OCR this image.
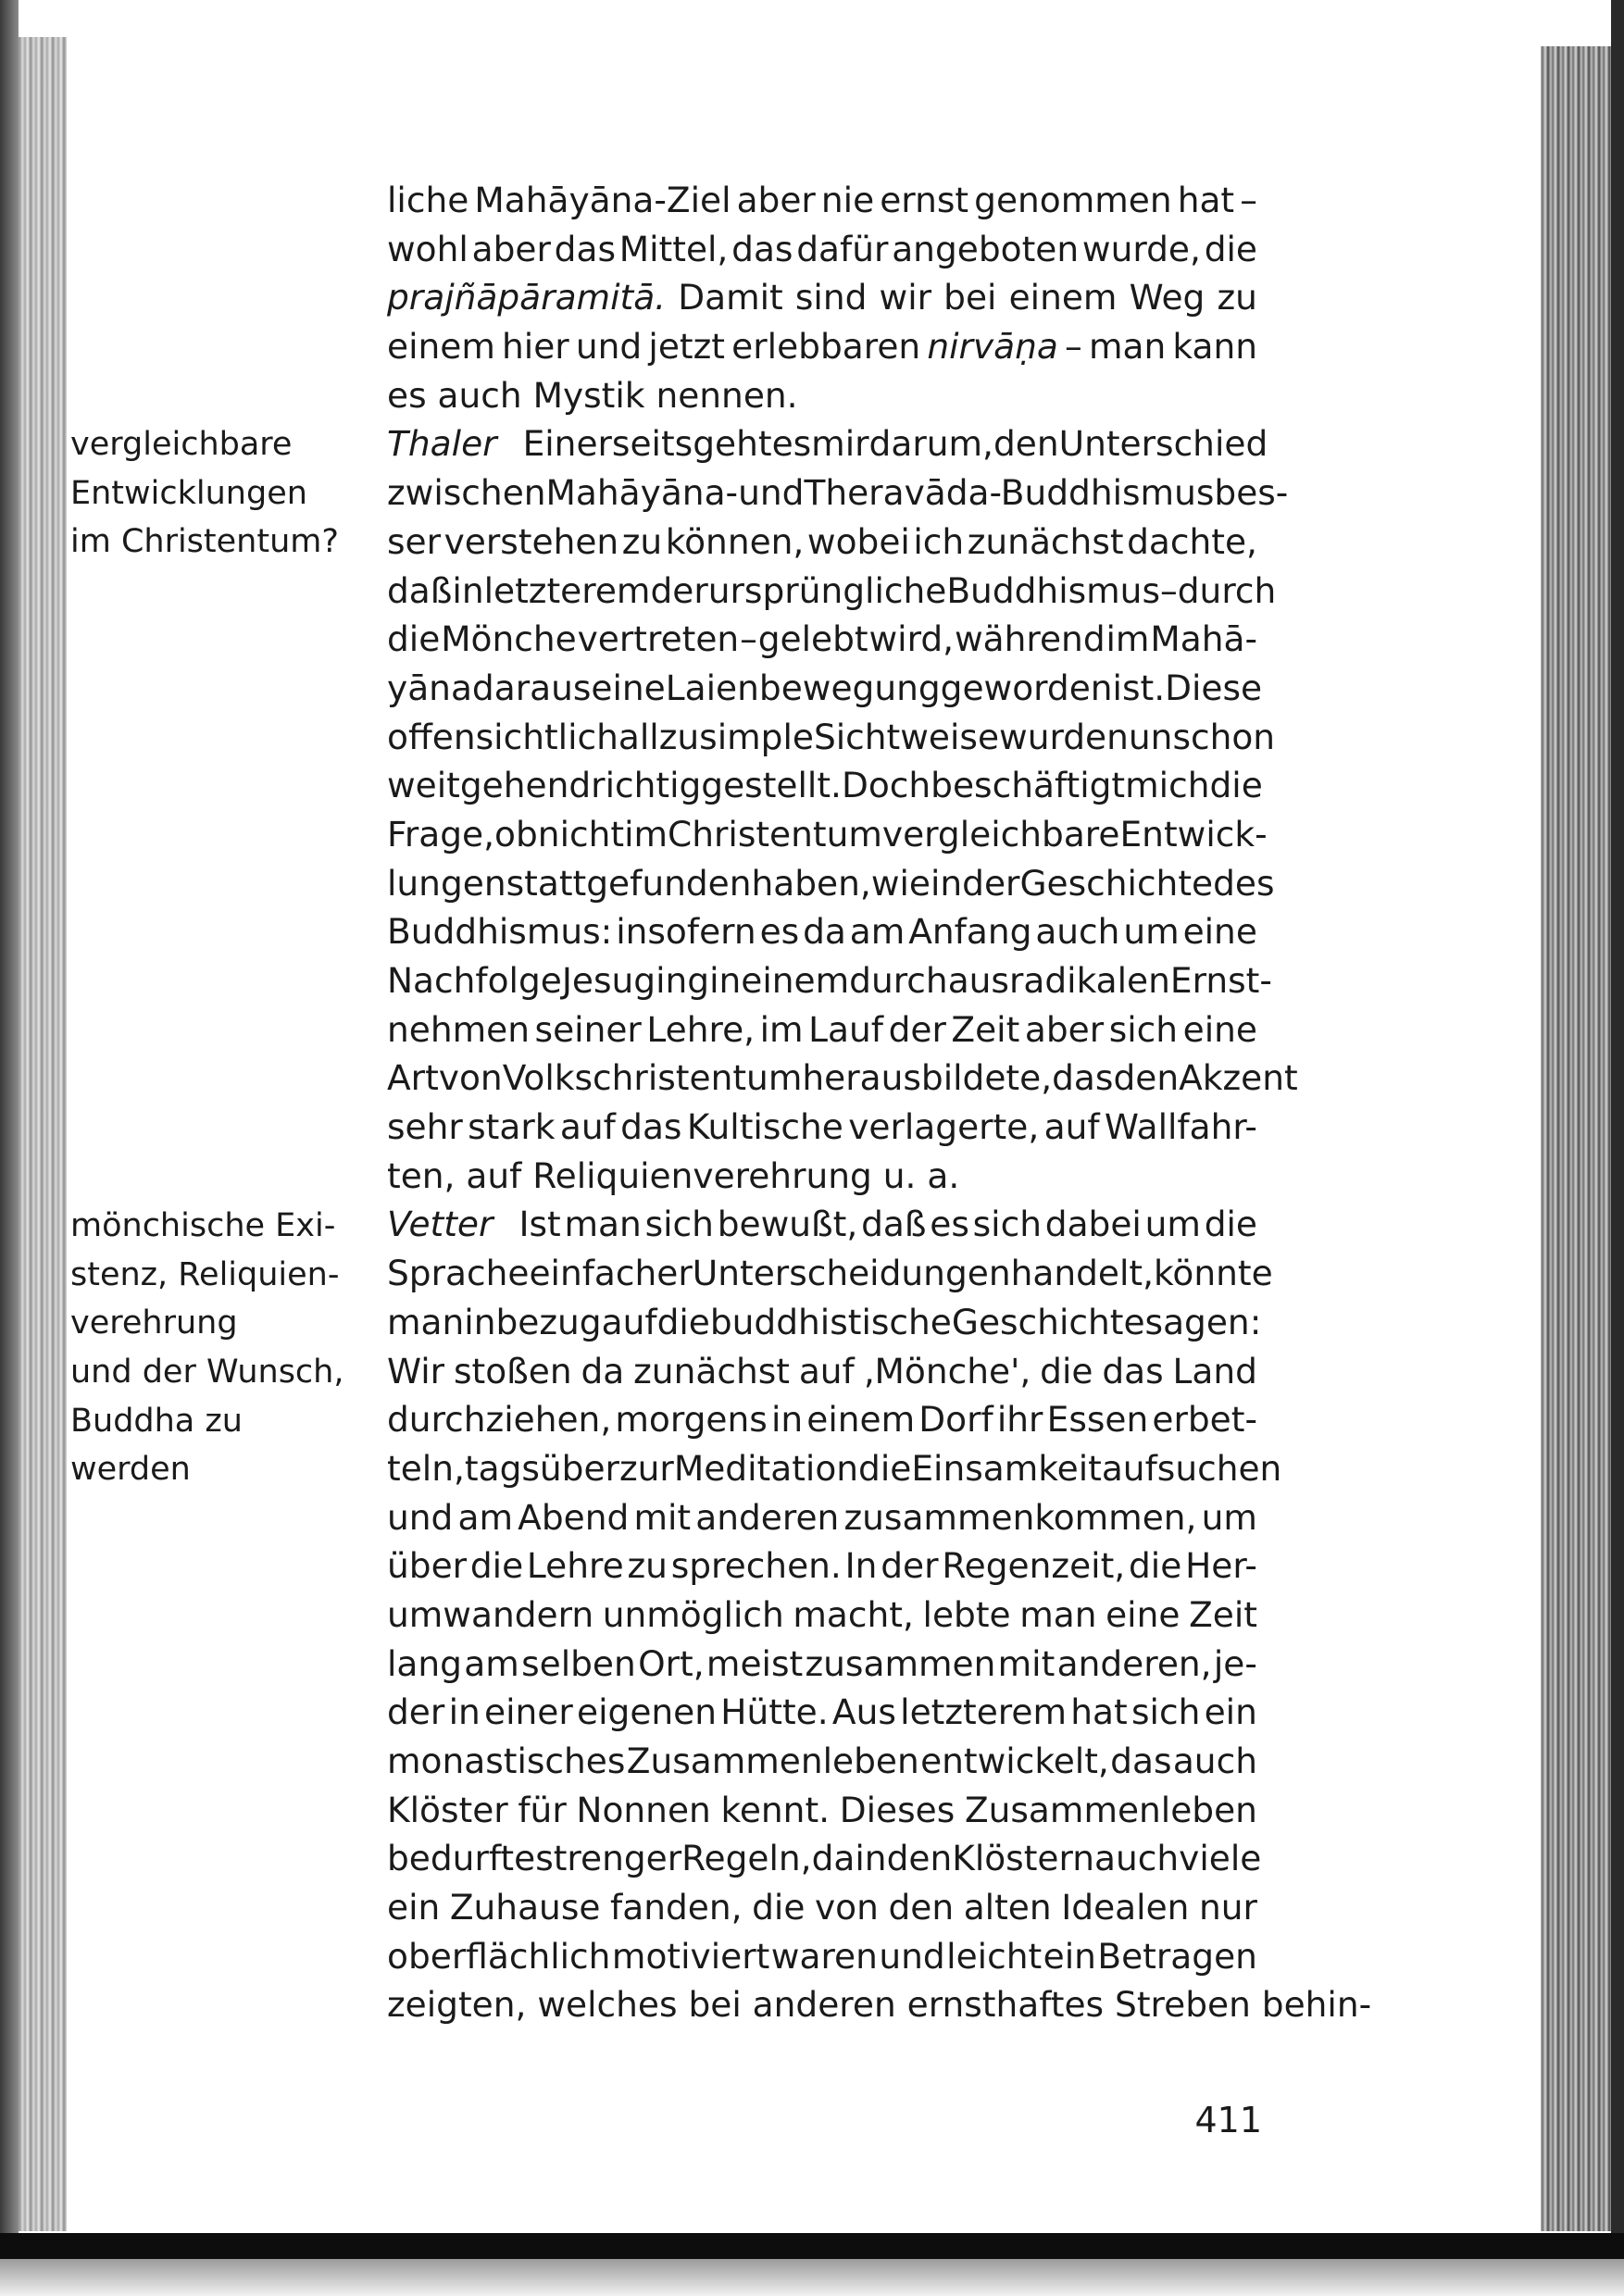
vergleichbare
Entwicklungen
im Christentum?
mönchische Exi-
stenz, Reliquien-
verehrung
und der Wunsch,
Buddha zu
werden
liche Mahāyāna-Ziel aber nie ernst genommen hat –
wohl aber das Mittel, das dafür angeboten wurde, die
prajñāpāramitā. Damit sind wir bei einem Weg zu
einem hier und jetzt erlebbaren nirvāṇa – man kann
es auch Mystik nennen.
Thaler Einerseits geht es mir darum, den Unterschied
zwischen Mahāyāna- und Theravāda-Buddhismus bes-
ser verstehen zu können, wobei ich zunächst dachte,
daß in letzterem der ursprüngliche Buddhismus – durch
die Mönche vertreten – gelebt wird, während im Mahā-
yāna daraus eine Laienbewegung geworden ist. Diese
offensichtlich allzu simple Sichtweise wurde nun schon
weitgehend richtiggestellt. Doch beschäftigt mich die
Frage, ob nicht im Christentum vergleichbare Entwick-
lungen stattgefunden haben, wie in der Geschichte des
Buddhismus: insofern es da am Anfang auch um eine
Nachfolge Jesu ging in einem durchaus radikalen Ernst-
nehmen seiner Lehre, im Lauf der Zeit aber sich eine
Art von Volkschristentum herausbildete, das den Akzent
sehr stark auf das Kultische verlagerte, auf Wallfahr-
ten, auf Reliquienverehrung u. a.
Vetter Ist man sich bewußt, daß es sich dabei um die
Sprache einfacher Unterscheidungen handelt, könnte
man in bezug auf die buddhistische Geschichte sagen:
Wir stoßen da zunächst auf ‚Mönche', die das Land
durchziehen, morgens in einem Dorf ihr Essen erbet-
teln, tagsüber zur Meditation die Einsamkeit aufsuchen
und am Abend mit anderen zusammenkommen, um
über die Lehre zu sprechen. In der Regenzeit, die Her-
umwandern unmöglich macht, lebte man eine Zeit
lang am selben Ort, meist zusammen mit anderen, je-
der in einer eigenen Hütte. Aus letzterem hat sich ein
monastisches Zusammenleben entwickelt, das auch
Klöster für Nonnen kennt. Dieses Zusammenleben
bedurfte strenger Regeln, da in den Klöstern auch viele
ein Zuhause fanden, die von den alten Idealen nur
oberflächlich motiviert waren und leicht ein Betragen
zeigten, welches bei anderen ernsthaftes Streben behin-
411
